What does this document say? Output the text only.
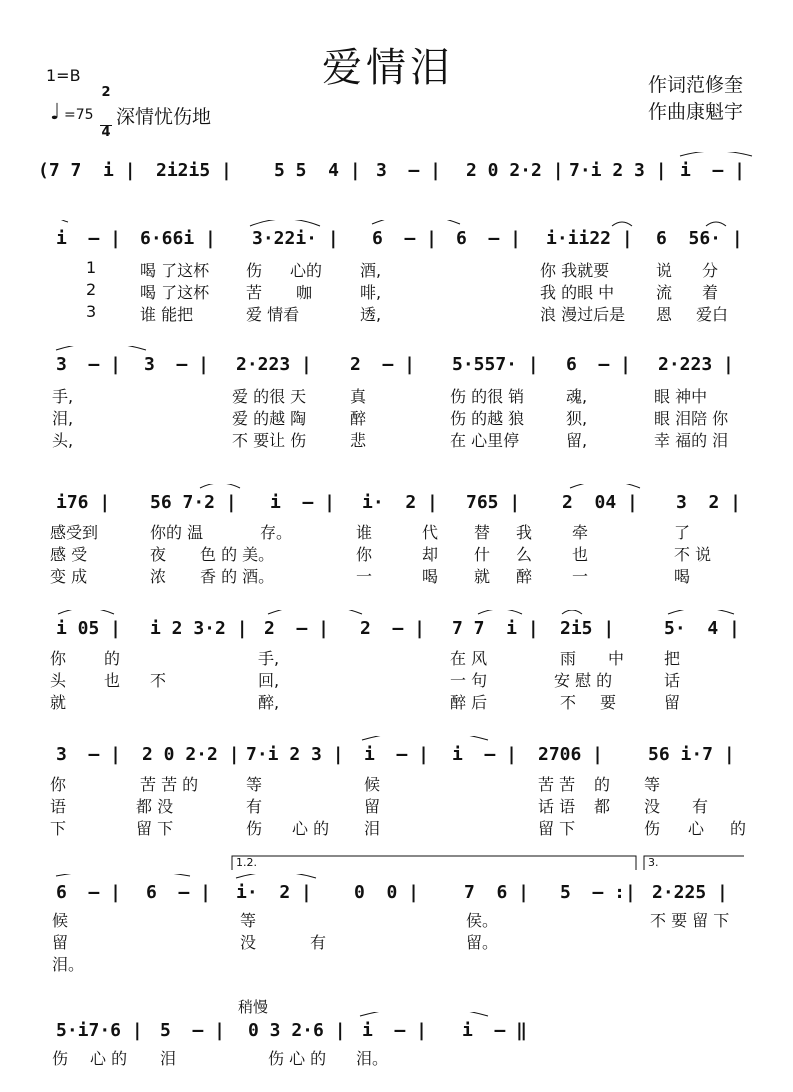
爱情泪
1=B

$\frac{2}{4}$

♩ =75 深情忧伤地
作词范修奎
作曲康魁宇
(7 7  i | 2i2i5 | 5 5  4 | 3  – | 2 0 2·2 | 7·i 2 3 | i  – |
i  – | 6·66i | 3·22i· | 6  – | 6  – | i·ii22 | 6  56· |
1
2
3
喝 了这杯 伤 心的 酒,	你 我就要	说 分
喝 了这杯 苦 咖	啡,	我 的眼 中	流 着
谁 能把	爱 情看	透,	浪 漫过后是 恩 爱白
3  – | 3  – | 2·223 | 2  – | 5·557· | 6  – | 2·223 |
手,	爱 的很 天	真	伤 的很 销	魂,	眼 神中
泪,	爱 的越 陶	醉	伤 的越 狼	狈,	眼 泪陪 你
头,	不 要让 伤	悲	在 心里停	留,	幸 福的 泪
i76 | 56 7·2 | i  – | i·  2 | 765 | 2  04 | 3  2 |
感受到	你的 温	存。	谁	代 替 我 牵	了
感 受	夜 色 的 美。	你	却 什 么 也	不 说
变 成	浓 香 的 酒。	一	喝 就 醉 一	喝
i 05 | i 2 3·2 | 2  – | 2  – | 7 7  i | 2i5 |	5·  4 |
你 的	手,	在 风	雨 中 把
头 也 不	回,	一 句	安 慰 的	话
就	醉,	醉 后	不 要	留
3  – | 2 0 2·2 | 7·i 2 3 | i  – | i  – | 2706 | 56 i·7 |
你	苦 苦 的	等	候	苦 苦 的 等
语	都 没	有	留	话 语 都 没 有
下	留 下	伤 心 的 泪	留 下	伤 心 的
1.2.	3.
6  – | 6  – | i·  2 | 0  0 | 7  6 | 5  – :| 2·225 |
候	等	侯。	不 要 留 下
留	没	有	留。
泪。
稍慢
5·i7·6 | 5  – | 0 3 2·6 | i  – | i  – ‖
伤 心 的 泪	伤 心 的 泪。
